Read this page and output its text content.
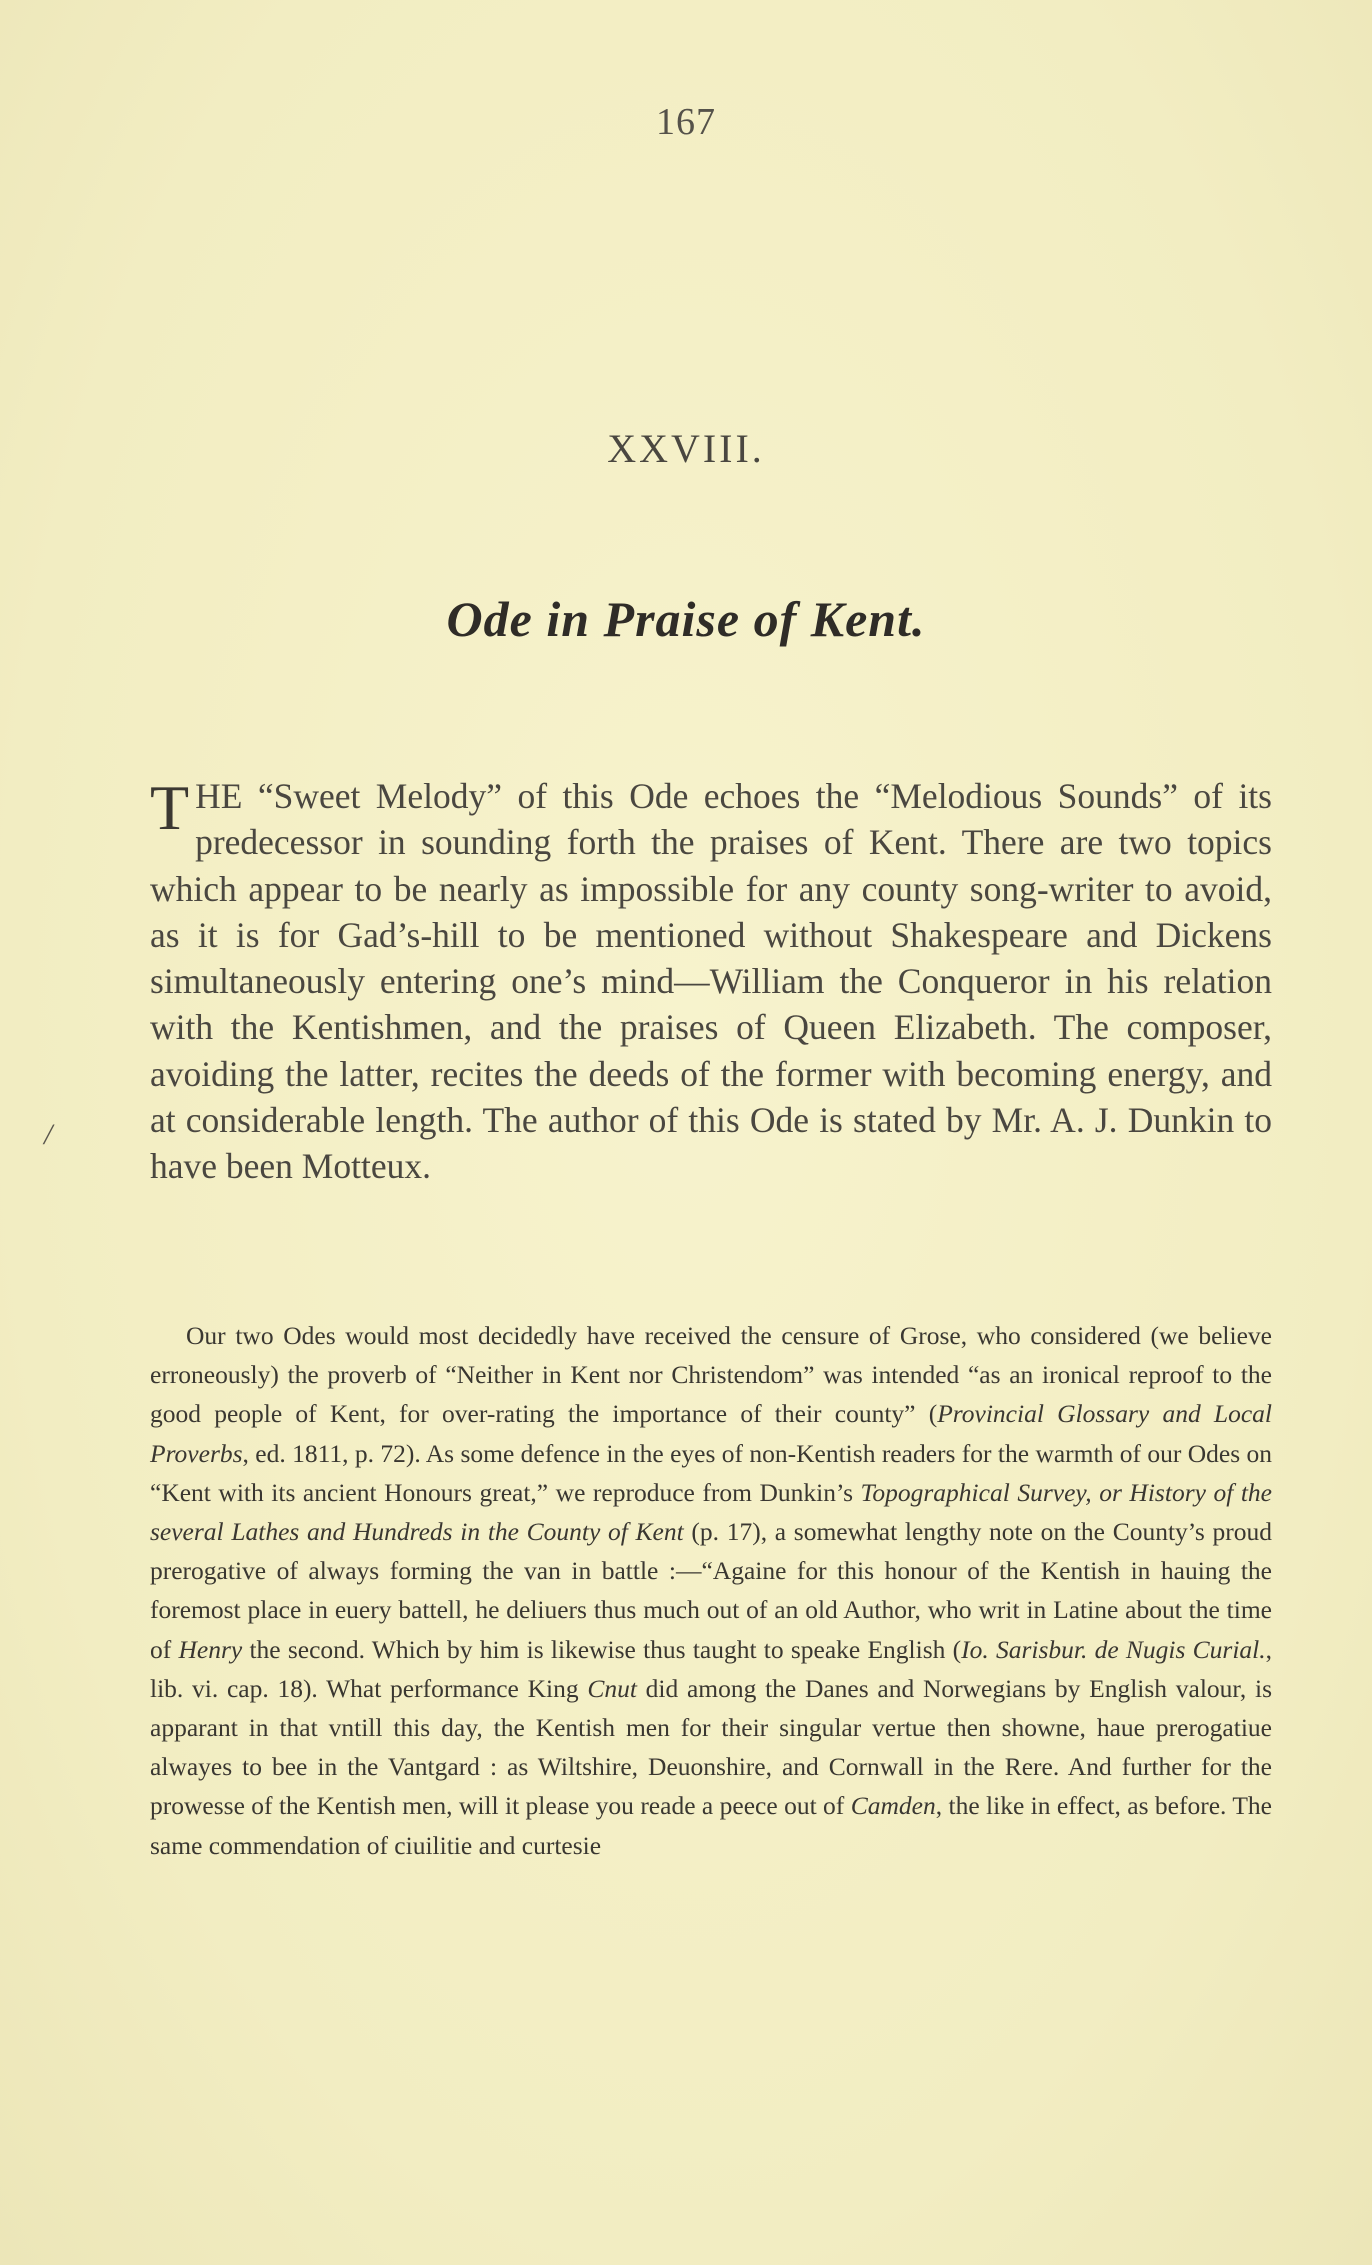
167
XXVIII.
Ode in Praise of Kent.
/
THE “Sweet Melody” of this Ode echoes the “Melodious Sounds” of its predecessor in sounding forth the praises of Kent. There are two topics which appear to be nearly as impossible for any county song-writer to avoid, as it is for Gad’s-hill to be mentioned without Shakespeare and Dickens simultaneously entering one’s mind—William the Conqueror in his relation with the Kentishmen, and the praises of Queen Elizabeth. The composer, avoiding the latter, recites the deeds of the former with becoming energy, and at considerable length. The author of this Ode is stated by Mr. A. J. Dunkin to have been Motteux.
Our two Odes would most decidedly have received the censure of Grose, who considered (we believe erroneously) the proverb of “Neither in Kent nor Christendom” was intended “as an ironical reproof to the good people of Kent, for over-rating the importance of their county” (Provincial Glossary and Local Proverbs, ed. 1811, p. 72). As some defence in the eyes of non-Kentish readers for the warmth of our Odes on “Kent with its ancient Honours great,” we reproduce from Dunkin’s Topographical Survey, or History of the several Lathes and Hundreds in the County of Kent (p. 17), a somewhat lengthy note on the County’s proud prerogative of always forming the van in battle :—“Againe for this honour of the Kentish in hauing the foremost place in euery battell, he deliuers thus much out of an old Author, who writ in Latine about the time of Henry the second. Which by him is likewise thus taught to speake English (Io. Sarisbur. de Nugis Curial., lib. vi. cap. 18). What performance King Cnut did among the Danes and Norwegians by English valour, is apparant in that vntill this day, the Kentish men for their singular vertue then showne, haue prerogatiue alwayes to bee in the Vantgard : as Wiltshire, Deuonshire, and Cornwall in the Rere. And further for the prowesse of the Kentish men, will it please you reade a peece out of Camden, the like in effect, as before. The same commendation of ciuilitie and curtesie
